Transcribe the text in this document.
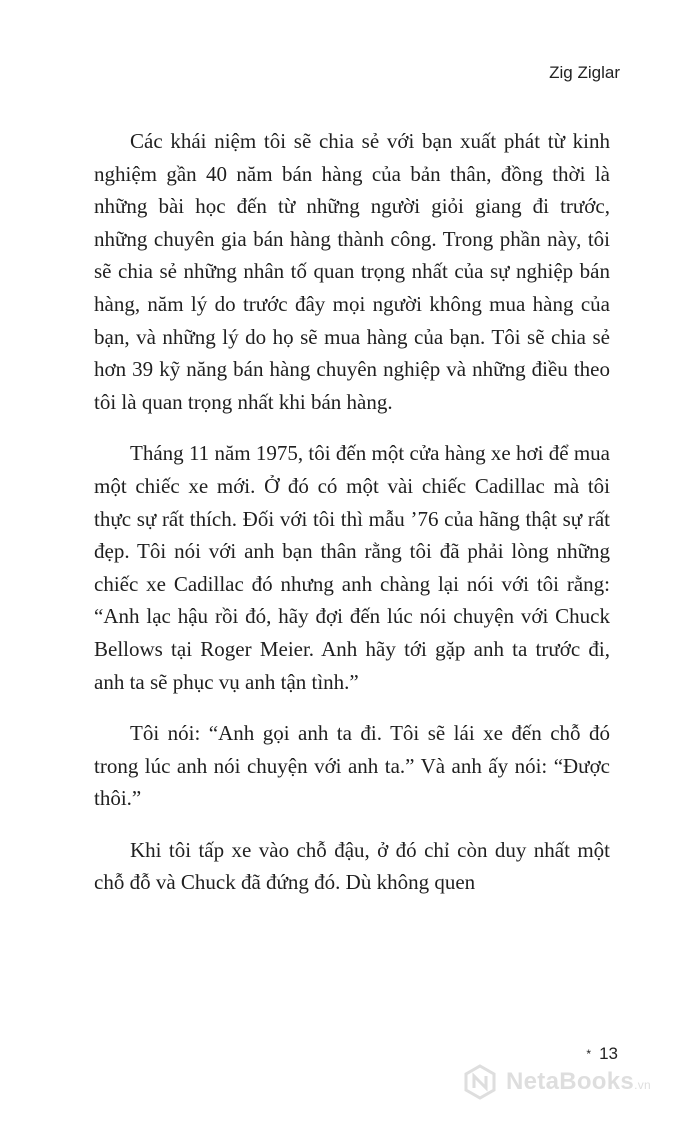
Zig Ziglar

Các khái niệm tôi sẽ chia sẻ với bạn xuất phát từ kinh nghiệm gần 40 năm bán hàng của bản thân, đồng thời là những bài học đến từ những người giỏi giang đi trước, những chuyên gia bán hàng thành công. Trong phần này, tôi sẽ chia sẻ những nhân tố quan trọng nhất của sự nghiệp bán hàng, năm lý do trước đây mọi người không mua hàng của bạn, và những lý do họ sẽ mua hàng của bạn. Tôi sẽ chia sẻ hơn 39 kỹ năng bán hàng chuyên nghiệp và những điều theo tôi là quan trọng nhất khi bán hàng.

Tháng 11 năm 1975, tôi đến một cửa hàng xe hơi để mua một chiếc xe mới. Ở đó có một vài chiếc Cadillac mà tôi thực sự rất thích. Đối với tôi thì mẫu ’76 của hãng thật sự rất đẹp. Tôi nói với anh bạn thân rằng tôi đã phải lòng những chiếc xe Cadillac đó nhưng anh chàng lại nói với tôi rằng: “Anh lạc hậu rồi đó, hãy đợi đến lúc nói chuyện với Chuck Bellows tại Roger Meier. Anh hãy tới gặp anh ta trước đi, anh ta sẽ phục vụ anh tận tình.”

Tôi nói: “Anh gọi anh ta đi. Tôi sẽ lái xe đến chỗ đó trong lúc anh nói chuyện với anh ta.” Và anh ấy nói: “Được thôi.”

Khi tôi tấp xe vào chỗ đậu, ở đó chỉ còn duy nhất một chỗ đỗ và Chuck đã đứng đó. Dù không quen

* 13
NetaBooks.vn
